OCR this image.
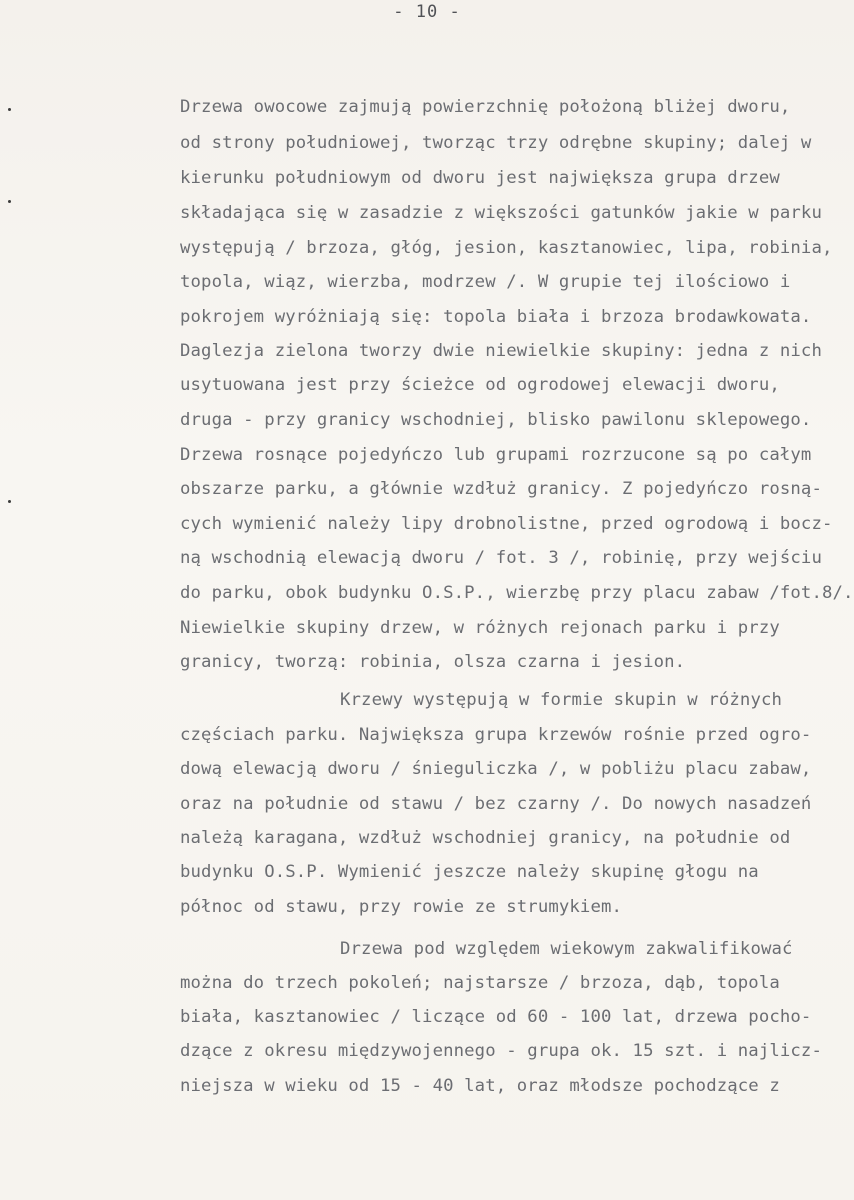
- 10 -
Drzewa owocowe zajmują powierzchnię położoną bliżej dworu,
od strony południowej, tworząc trzy odrębne skupiny; dalej w
kierunku południowym od dworu jest największa grupa drzew
składająca się w zasadzie z większości gatunków jakie w parku
występują / brzoza, głóg, jesion, kasztanowiec, lipa, robinia,
topola, wiąz, wierzba, modrzew /. W grupie tej ilościowo i
pokrojem wyróżniają się: topola biała i brzoza brodawkowata.
Daglezja zielona tworzy dwie niewielkie skupiny: jedna z nich
usytuowana jest przy ścieżce od ogrodowej elewacji dworu,
druga - przy granicy wschodniej, blisko pawilonu sklepowego.
Drzewa rosnące pojedyńczo lub grupami rozrzucone są po całym
obszarze parku, a głównie wzdłuż granicy. Z pojedyńczo rosną-
cych wymienić należy lipy drobnolistne, przed ogrodową i bocz-
ną wschodnią elewacją dworu / fot. 3 /, robinię, przy wejściu
do parku, obok budynku O.S.P., wierzbę przy placu zabaw /fot.8/.
Niewielkie skupiny drzew, w różnych rejonach parku i przy
granicy, tworzą: robinia, olsza czarna i jesion.
Krzewy występują w formie skupin w różnych
częściach parku. Największa grupa krzewów rośnie przed ogro-
dową elewacją dworu / śnieguliczka /, w pobliżu placu zabaw,
oraz na południe od stawu / bez czarny /. Do nowych nasadzeń
należą karagana, wzdłuż wschodniej granicy, na południe od
budynku O.S.P. Wymienić jeszcze należy skupinę głogu na
północ od stawu, przy rowie ze strumykiem.
Drzewa pod względem wiekowym zakwalifikować
można do trzech pokoleń; najstarsze / brzoza, dąb, topola
biała, kasztanowiec / liczące od 60 - 100 lat, drzewa pocho-
dzące z okresu międzywojennego - grupa ok. 15 szt. i najlicz-
niejsza w wieku od 15 - 40 lat, oraz młodsze pochodzące z
